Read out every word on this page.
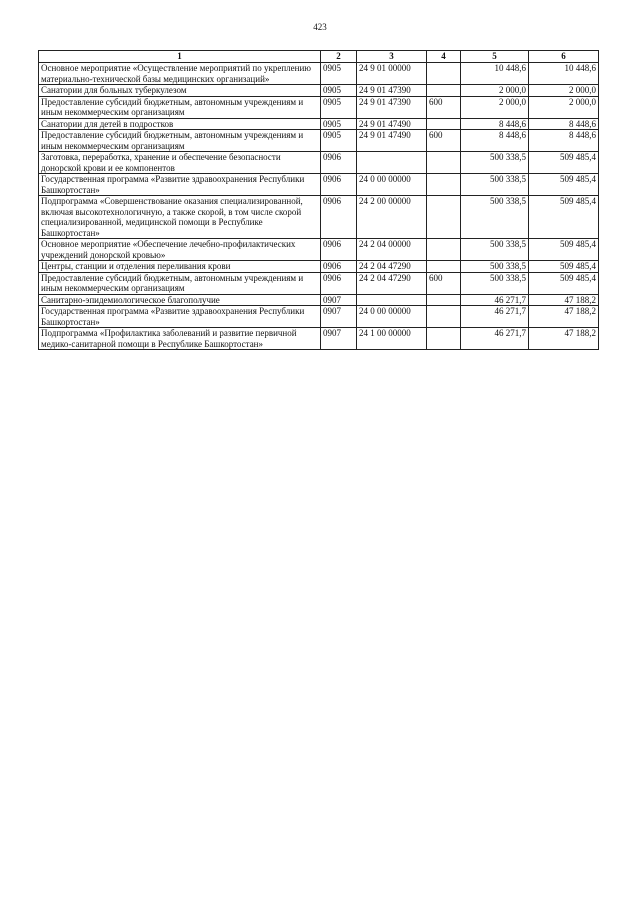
423
1	2	3	4	5	6
Основное мероприятие «Осуществление мероприятий по укреплению материально-технической базы медицинских организаций»	0905	24 9 01 00000		10 448,6	10 448,6
Санатории для больных туберкулезом	0905	24 9 01 47390		2 000,0	2 000,0
Предоставление субсидий бюджетным, автономным учреждениям и иным некоммерческим организациям	0905	24 9 01 47390	600	2 000,0	2 000,0
Санатории для детей в подростков	0905	24 9 01 47490		8 448,6	8 448,6
Предоставление субсидий бюджетным, автономным учреждениям и иным некоммерческим организациям	0905	24 9 01 47490	600	8 448,6	8 448,6
Заготовка, переработка, хранение и обеспечение безопасности донорской крови и ее компонентов	0906			500 338,5	509 485,4
Государственная программа «Развитие здравоохранения Республики Башкортостан»	0906	24 0 00 00000		500 338,5	509 485,4
Подпрограмма «Совершенствование оказания специализированной, включая высокотехнологичную, а также скорой, в том числе скорой специализированной, медицинской помощи в Республике Башкортостан»	0906	24 2 00 00000		500 338,5	509 485,4
Основное мероприятие «Обеспечение лечебно-профилактических учреждений донорской кровью»	0906	24 2 04 00000		500 338,5	509 485,4
Центры, станции и отделения переливания крови	0906	24 2 04 47290		500 338,5	509 485,4
Предоставление субсидий бюджетным, автономным учреждениям и иным некоммерческим организациям	0906	24 2 04 47290	600	500 338,5	509 485,4
Санитарно-эпидемиологическое благополучие	0907			46 271,7	47 188,2
Государственная программа «Развитие здравоохранения Республики Башкортостан»	0907	24 0 00 00000		46 271,7	47 188,2
Подпрограмма «Профилактика заболеваний и развитие первичной медико-санитарной помощи в Республике Башкортостан»	0907	24 1 00 00000		46 271,7	47 188,2
